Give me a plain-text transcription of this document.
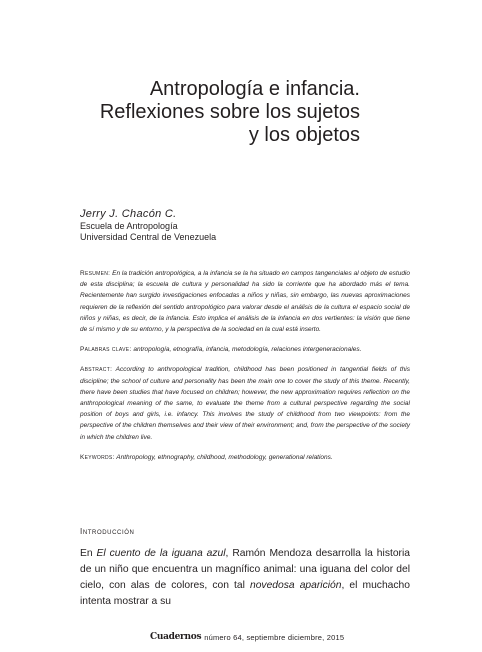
Antropología e infancia.
Reflexiones sobre los sujetos
y los objetos
Jerry J. Chacón C.
Escuela de Antropología
Universidad Central de Venezuela

Resumen: En la tradición antropológica, a la infancia se la ha situado en campos tangenciales al objeto de estudio de esta disciplina; la escuela de cultura y personalidad ha sido la corriente que ha abordado más el tema. Recientemente han surgido investigaciones enfocadas a niños y niñas, sin embargo, las nuevas aproximaciones requieren de la reflexión del sentido antropológico para valorar desde el análisis de la cultura el espacio social de niños y niñas, es decir, de la infancia. Esto implica el análisis de la infancia en dos vertientes: la visión que tiene de sí mismo y de su entorno, y la perspectiva de la sociedad en la cual está inserto.

Palabras clave: antropología, etnografía, infancia, metodología, relaciones intergeneracionales.

Abstract: According to anthropological tradition, childhood has been positioned in tangential fields of this discipline; the school of culture and personality has been the main one to cover the study of this theme. Recently, there have been studies that have focused on children; however, the new approximation requires reflection on the anthropological meaning of the same, to evaluate the theme from a cultural perspective regarding the social position of boys and girls, i.e. infancy. This involves the study of childhood from two viewpoints: from the perspective of the children themselves and their view of their environment; and, from the perspective of the society in which the children live.

Keywords: Anthropology, ethnography, childhood, methodology, generational relations.

Introducción
En El cuento de la iguana azul, Ramón Mendoza desarrolla la historia de un niño que encuentra un magnífico animal: una iguana del color del cielo, con alas de colores, con tal novedosa aparición, el muchacho intenta mostrar a su
Cuadernos número 64, septiembre diciembre, 2015
